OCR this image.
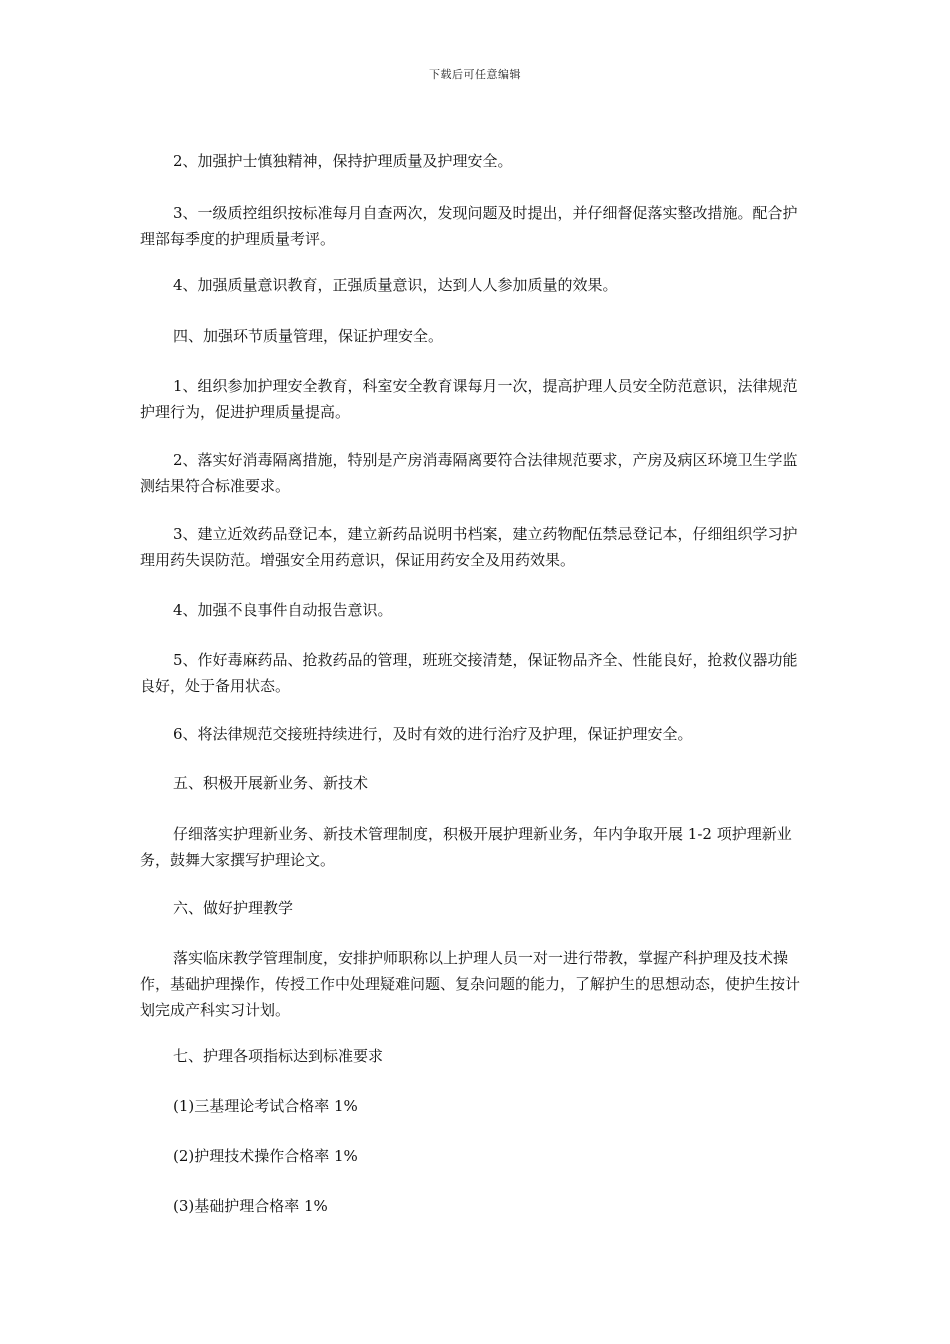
下载后可任意编辑

2、加强护士慎独精神，保持护理质量及护理安全。

3、一级质控组织按标准每月自查两次，发现问题及时提出，并仔细督促落实整改措施。配合护理部每季度的护理质量考评。

4、加强质量意识教育，正强质量意识，达到人人参加质量的效果。

四、加强环节质量管理，保证护理安全。

1、组织参加护理安全教育，科室安全教育课每月一次，提高护理人员安全防范意识，法律规范护理行为，促进护理质量提高。

2、落实好消毒隔离措施，特别是产房消毒隔离要符合法律规范要求，产房及病区环境卫生学监测结果符合标准要求。

3、建立近效药品登记本，建立新药品说明书档案，建立药物配伍禁忌登记本，仔细组织学习护理用药失误防范。增强安全用药意识，保证用药安全及用药效果。

4、加强不良事件自动报告意识。

5、作好毒麻药品、抢救药品的管理，班班交接清楚，保证物品齐全、性能良好，抢救仪器功能良好，处于备用状态。

6、将法律规范交接班持续进行，及时有效的进行治疗及护理，保证护理安全。

五、积极开展新业务、新技术

仔细落实护理新业务、新技术管理制度，积极开展护理新业务，年内争取开展 1-2 项护理新业务，鼓舞大家撰写护理论文。

六、做好护理教学

落实临床教学管理制度，安排护师职称以上护理人员一对一进行带教，掌握产科护理及技术操作，基础护理操作，传授工作中处理疑难问题、复杂问题的能力，了解护生的思想动态，使护生按计划完成产科实习计划。

七、护理各项指标达到标准要求

(1)三基理论考试合格率 1%

(2)护理技术操作合格率 1%

(3)基础护理合格率 1%
